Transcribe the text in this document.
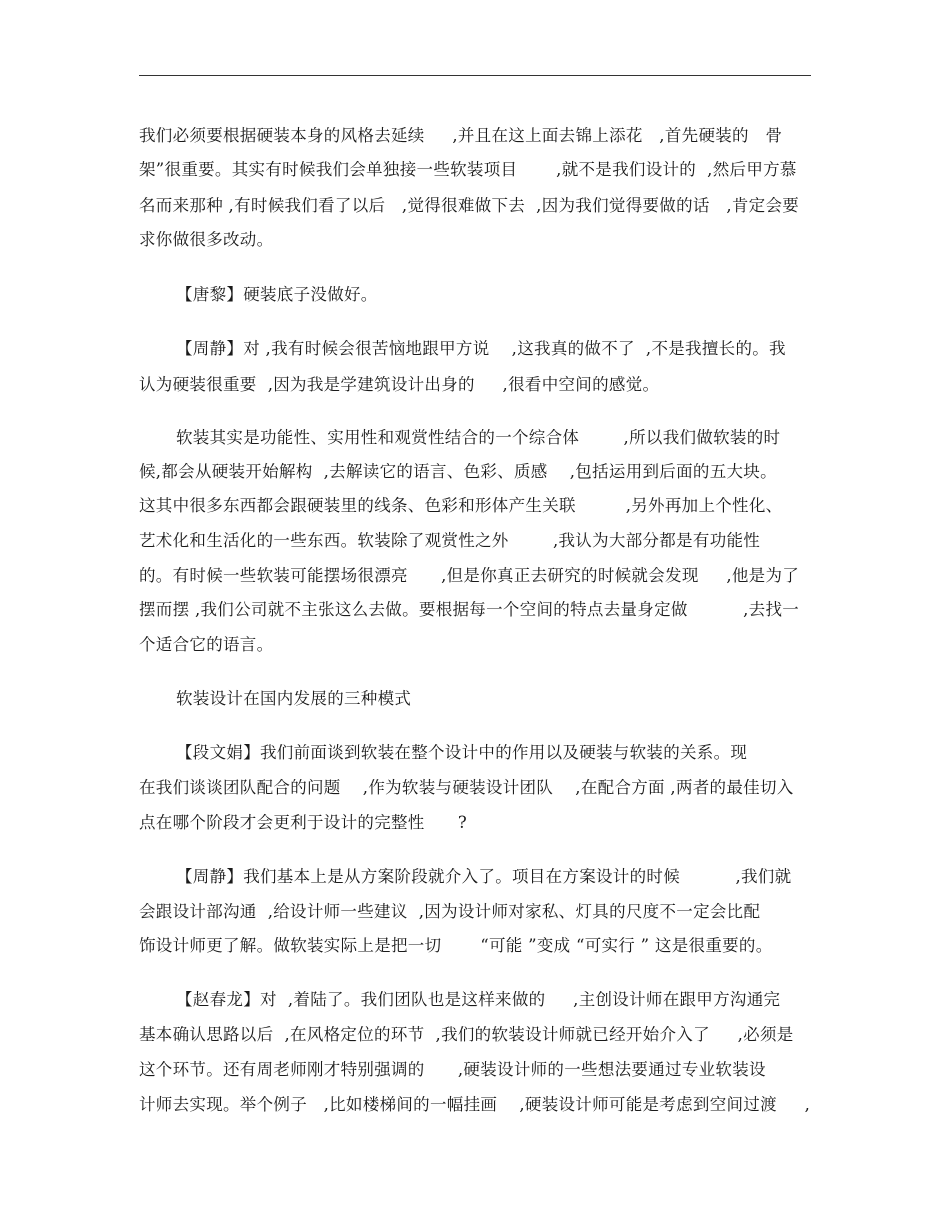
我们必须要根据硬装本身的风格去延续     ,并且在这上面去锦上添花   ,首先硬装的   骨
架”很重要。其实有时候我们会单独接一些软装项目       ,就不是我们设计的  ,然后甲方慕
名而来那种 ,有时候我们看了以后   ,觉得很难做下去  ,因为我们觉得要做的话   ,肯定会要
求你做很多改动。
【唐黎】硬装底子没做好。
【周静】对 ,我有时候会很苦恼地跟甲方说    ,这我真的做不了  ,不是我擅长的。我
认为硬装很重要  ,因为我是学建筑设计出身的     ,很看中空间的感觉。
软装其实是功能性、实用性和观赏性结合的一个综合体        ,所以我们做软装的时
候,都会从硬装开始解构  ,去解读它的语言、色彩、质感    ,包括运用到后面的五大块。
这其中很多东西都会跟硬装里的线条、色彩和形体产生关联         ,另外再加上个性化、
艺术化和生活化的一些东西。软装除了观赏性之外        ,我认为大部分都是有功能性
的。有时候一些软装可能摆场很漂亮      ,但是你真正去研究的时候就会发现     ,他是为了
摆而摆 ,我们公司就不主张这么去做。要根据每一个空间的特点去量身定做          ,去找一
个适合它的语言。
软装设计在国内发展的三种模式
【段文娟】我们前面谈到软装在整个设计中的作用以及硬装与软装的关系。现
在我们谈谈团队配合的问题    ,作为软装与硬装设计团队    ,在配合方面 ,两者的最佳切入
点在哪个阶段才会更利于设计的完整性      ?
【周静】我们基本上是从方案阶段就介入了。项目在方案设计的时候          ,我们就
会跟设计部沟通  ,给设计师一些建议  ,因为设计师对家私、灯具的尺度不一定会比配
饰设计师更了解。做软装实际上是把一切       “可能 ”变成 “可实行 ” 这是很重要的。
【赵春龙】对  ,着陆了。我们团队也是这样来做的     ,主创设计师在跟甲方沟通完
基本确认思路以后  ,在风格定位的环节  ,我们的软装设计师就已经开始介入了     ,必须是
这个环节。还有周老师刚才特别强调的      ,硬装设计师的一些想法要通过专业软装设
计师去实现。举个例子   ,比如楼梯间的一幅挂画    ,硬装设计师可能是考虑到空间过渡     ,
